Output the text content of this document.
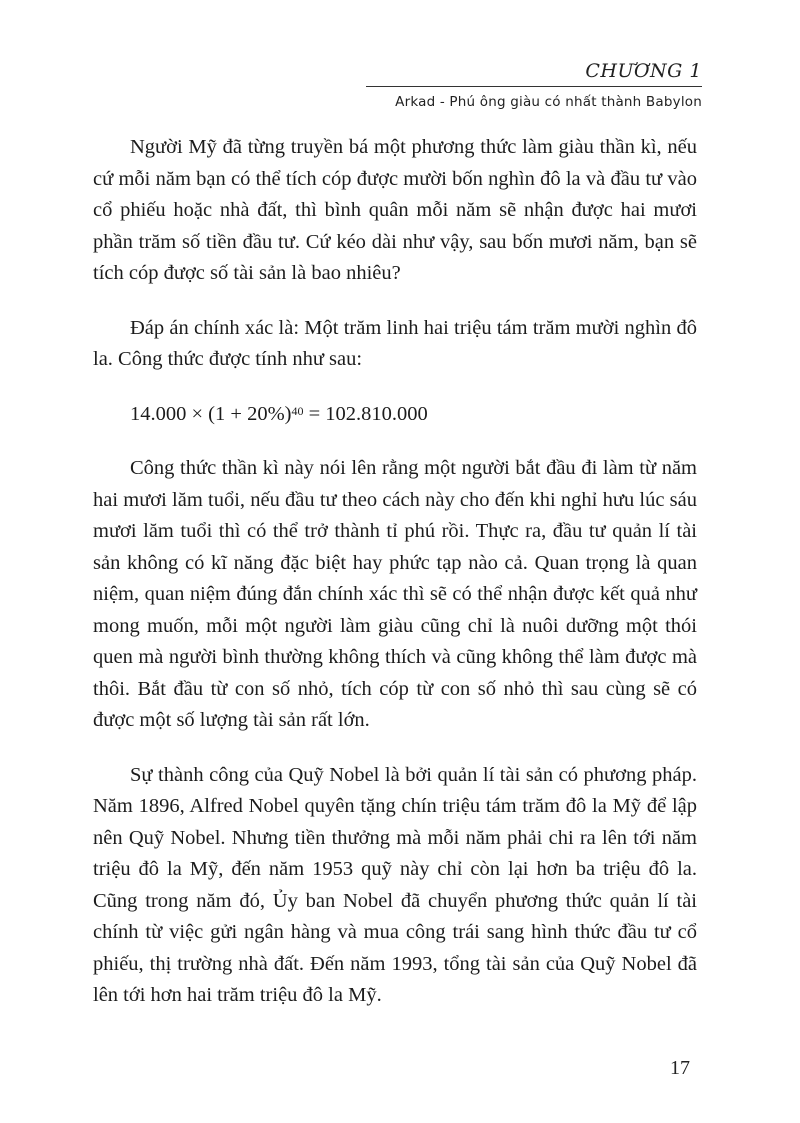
CHƯƠNG 1
Arkad - Phú ông giàu có nhất thành Babylon

Người Mỹ đã từng truyền bá một phương thức làm giàu thần kì, nếu cứ mỗi năm bạn có thể tích cóp được mười bốn nghìn đô la và đầu tư vào cổ phiếu hoặc nhà đất, thì bình quân mỗi năm sẽ nhận được hai mươi phần trăm số tiền đầu tư. Cứ kéo dài như vậy, sau bốn mươi năm, bạn sẽ tích cóp được số tài sản là bao nhiêu?

Đáp án chính xác là: Một trăm linh hai triệu tám trăm mười nghìn đô la. Công thức được tính như sau:

$14.000 \times (1 + 20\%)^{40} = 102.810.000$

Công thức thần kì này nói lên rằng một người bắt đầu đi làm từ năm hai mươi lăm tuổi, nếu đầu tư theo cách này cho đến khi nghỉ hưu lúc sáu mươi lăm tuổi thì có thể trở thành tỉ phú rồi. Thực ra, đầu tư quản lí tài sản không có kĩ năng đặc biệt hay phức tạp nào cả. Quan trọng là quan niệm, quan niệm đúng đắn chính xác thì sẽ có thể nhận được kết quả như mong muốn, mỗi một người làm giàu cũng chỉ là nuôi dưỡng một thói quen mà người bình thường không thích và cũng không thể làm được mà thôi. Bắt đầu từ con số nhỏ, tích cóp từ con số nhỏ thì sau cùng sẽ có được một số lượng tài sản rất lớn.

Sự thành công của Quỹ Nobel là bởi quản lí tài sản có phương pháp. Năm 1896, Alfred Nobel quyên tặng chín triệu tám trăm đô la Mỹ để lập nên Quỹ Nobel. Nhưng tiền thưởng mà mỗi năm phải chi ra lên tới năm triệu đô la Mỹ, đến năm 1953 quỹ này chỉ còn lại hơn ba triệu đô la. Cũng trong năm đó, Ủy ban Nobel đã chuyển phương thức quản lí tài chính từ việc gửi ngân hàng và mua công trái sang hình thức đầu tư cổ phiếu, thị trường nhà đất. Đến năm 1993, tổng tài sản của Quỹ Nobel đã lên tới hơn hai trăm triệu đô la Mỹ.

17
